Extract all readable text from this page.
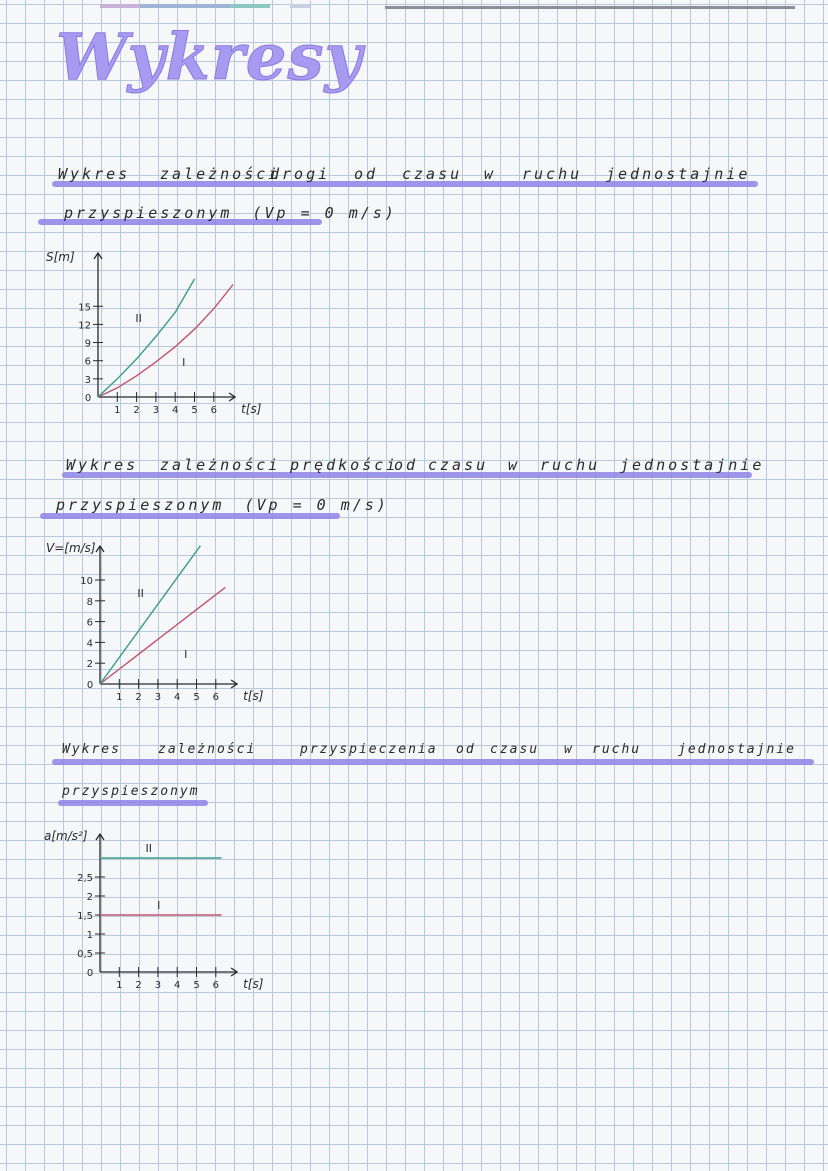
Wykresy
Wykres zależności
drogi od czasu w ruchu jednostajnie
przyspieszonym (Vp = 0 m/s)
Wykres zależności prędkości
od czasu w ruchu jednostajnie
przyspieszonym (Vp = 0 m/s)
Wykres	zależności	przyspieczenia od czasu w ruchu	jednostajnie
przyspieszonym
1 2 3 4 5 6
3
6
9
12
15
0
t[s]
S[m]
I
II
1 2 3 4 5 6
2
4
6
8
10
0
t[s]
V=[m/s]
I
II
1 2 3 4 5 6
0,5
1
1,5
2
2,5
0
t[s]
a[m/s²]
I
II
